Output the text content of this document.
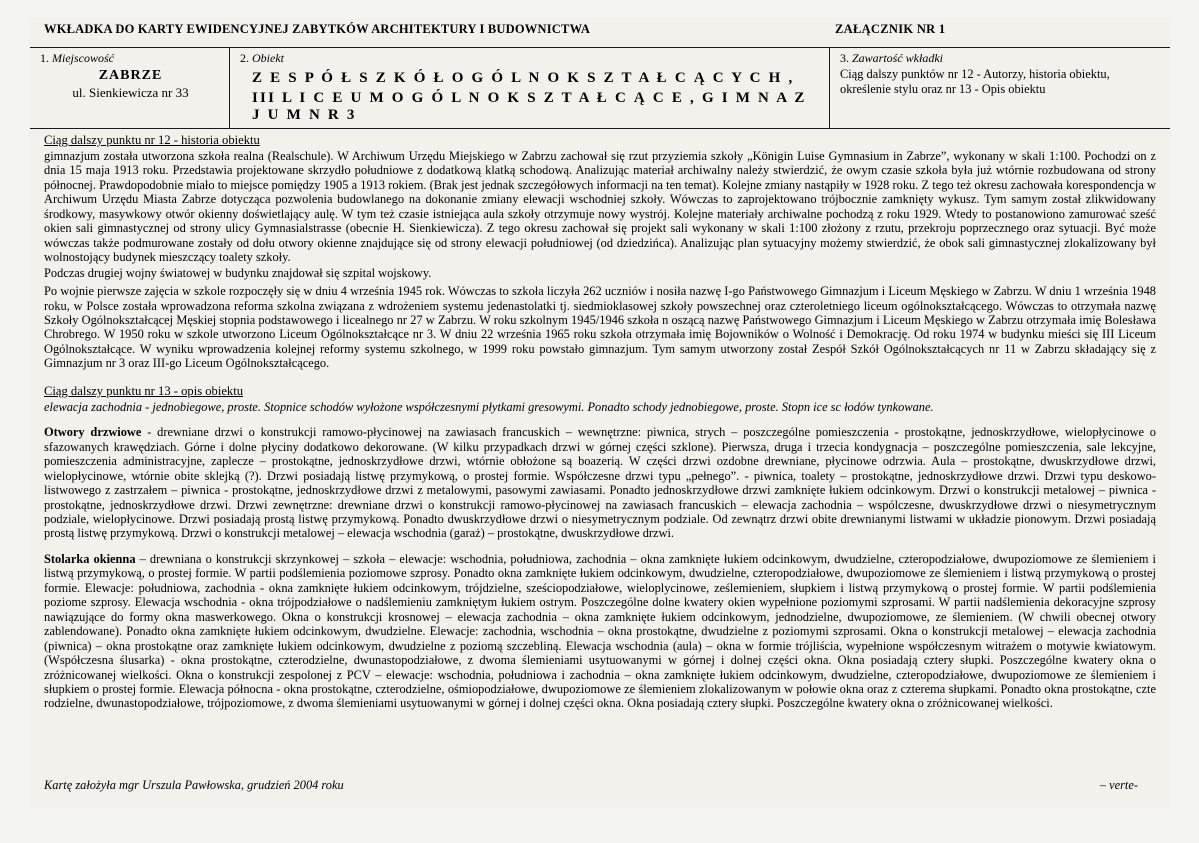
WKŁADKA DO KARTY EWIDENCYJNEJ ZABYTKÓW ARCHITEKTURY I BUDOWNICTWA	ZAŁĄCZNIK NR 1
1. Miejscowość
ZABRZE
ul. Sienkiewicza nr 33
2. Obiekt
Z E S P Ó Ł S Z K Ó Ł O G Ó L N O K S Z T A Ł C Ą C Y C H ,
III L I C E U M O G Ó L N O K S Z T A Ł C Ą C E , G I M N A Z J U M N R 3
3. Zawartość wkładki
Ciąg dalszy punktów nr 12 - Autorzy, historia obiektu, określenie stylu oraz nr 13 - Opis obiektu
Ciąg dalszy punktu nr 12 - historia obiektu

gimnazjum została utworzona szkoła realna (Realschule). W Archiwum Urzędu Miejskiego w Zabrzu zachował się rzut przyziemia szkoły „Königin Luise Gymnasium in Zabrze”, wykonany w skali 1:100. Pochodzi on z dnia 15 maja 1913 roku. Przedstawia projektowane skrzydło południowe z dodatkową klatką schodową. Analizując materiał archiwalny należy stwierdzić, że owym czasie szkoła była już wtórnie rozbudowana od strony północnej. Prawdopodobnie miało to miejsce pomiędzy 1905 a 1913 rokiem. (Brak jest jednak szczegółowych informacji na ten temat). Kolejne zmiany nastąpiły w 1928 roku. Z tego też okresu zachowała korespondencja w Archiwum Urzędu Miasta Zabrze dotycząca pozwolenia budowlanego na dokonanie zmiany elewacji wschodniej szkoły. Wówczas to zaprojektowano trójbocznie zamknięty wykusz. Tym samym został zlikwidowany środkowy, masywkowy otwór okienny doświetlający aulę. W tym też czasie istniejąca aula szkoły otrzymuje nowy wystrój. Kolejne materiały archiwalne pochodzą z roku 1929. Wtedy to postanowiono zamurować sześć okien sali gimnastycznej od strony ulicy Gymnasialstrasse (obecnie H. Sienkiewicza). Z tego okresu zachował się projekt sali wykonany w skali 1:100 złożony z rzutu, przekroju poprzecznego oraz sytuacji. Być może wówczas także podmurowane zostały od dołu otwory okienne znajdujące się od strony elewacji południowej (od dziedzińca). Analizując plan sytuacyjny możemy stwierdzić, że obok sali gimnastycznej zlokalizowany był wolnostojący budynek mieszczący toalety szkoły.

Podczas drugiej wojny światowej w budynku znajdował się szpital wojskowy.

Po wojnie pierwsze zajęcia w szkole rozpoczęły się w dniu 4 września 1945 rok. Wówczas to szkoła liczyła 262 uczniów i nosiła nazwę I-go Państwowego Gimnazjum i Liceum Męskiego w Zabrzu. W dniu 1 września 1948 roku, w Polsce została wprowadzona reforma szkolna związana z wdrożeniem systemu jedenastolatki tj. siedmioklasowej szkoły powszechnej oraz czteroletniego liceum ogólnokształcącego. Wówczas to otrzymała nazwę Szkoły Ogólnokształcącej Męskiej stopnia podstawowego i licealnego nr 27 w Zabrzu. W roku szkolnym 1945/1946 szkoła n oszącą nazwę Państwowego Gimnazjum i Liceum Męskiego w Zabrzu otrzymała imię Bolesława Chrobrego. W 1950 roku w szkole utworzono Liceum Ogólnokształcące nr 3. W dniu 22 września 1965 roku szkoła otrzymała imię Bojowników o Wolność i Demokrację. Od roku 1974 w budynku mieści się III Liceum Ogólnokształcące. W wyniku wprowadzenia kolejnej reformy systemu szkolnego, w 1999 roku powstało gimnazjum. Tym samym utworzony został Zespół Szkół Ogólnokształcących nr 11 w Zabrzu składający się z Gimnazjum nr 3 oraz III-go Liceum Ogólnokształcącego.

Ciąg dalszy punktu nr 13 - opis obiektu

elewacja zachodnia - jednobiegowe, proste. Stopnice schodów wyłożone współczesnymi płytkami gresowymi. Ponadto schody jednobiegowe, proste. Stopn ice sc łodów tynkowane.

Otwory drzwiowe - drewniane drzwi o konstrukcji ramowo-płycinowej na zawiasach francuskich – wewnętrzne: piwnica, strych – poszczególne pomieszczenia - prostokątne, jednoskrzydłowe, wielopłycinowe o sfazowanych krawędziach. Górne i dolne płyciny dodatkowo dekorowane. (W kilku przypadkach drzwi w górnej części szklone). Pierwsza, druga i trzecia kondygnacja – poszczególne pomieszczenia, sale lekcyjne, pomieszczenia administracyjne, zaplecze – prostokątne, jednoskrzydłowe drzwi, wtórnie obłożone są boazerią. W części drzwi ozdobne drewniane, płycinowe odrzwia. Aula – prostokątne, dwuskrzydłowe drzwi, wielopłycinowe, wtórnie obite sklejką (?). Drzwi posiadają listwę przymykową, o prostej formie. Współczesne drzwi typu „pełnego”. - piwnica, toalety – prostokątne, jednoskrzydłowe drzwi. Drzwi typu deskowo-listwowego z zastrzałem – piwnica - prostokątne, jednoskrzydłowe drzwi z metalowymi, pasowymi zawiasami. Ponadto jednoskrzydłowe drzwi zamknięte łukiem odcinkowym. Drzwi o konstrukcji metalowej – piwnica - prostokątne, jednoskrzydłowe drzwi. Drzwi zewnętrzne: drewniane drzwi o konstrukcji ramowo-płycinowej na zawiasach francuskich – elewacja zachodnia – wspólczesne, dwuskrzydłowe drzwi o niesymetrycznym podziale, wielopłycinowe. Drzwi posiadają prostą listwę przymykową. Ponadto dwuskrzydłowe drzwi o niesymetrycznym podziale. Od zewnątrz drzwi obite drewnianymi listwami w układzie pionowym. Drzwi posiadają prostą listwę przymykową. Drzwi o konstrukcji metalowej – elewacja wschodnia (garaż) – prostokątne, dwuskrzydłowe drzwi.

Stolarka okienna – drewniana o konstrukcji skrzynkowej – szkoła – elewacje: wschodnia, południowa, zachodnia – okna zamknięte łukiem odcinkowym, dwudzielne, czteropodziałowe, dwupoziomowe ze ślemieniem i listwą przymykową, o prostej formie. W partii podślemienia poziomowe szprosy. Ponadto okna zamknięte łukiem odcinkowym, dwudzielne, czteropodziałowe, dwupoziomowe ze ślemieniem i listwą przymykową o prostej formie. Elewacje: południowa, zachodnia - okna zamknięte łukiem odcinkowym, trójdzielne, sześciopodziałowe, wieloplycinowe, ześlemieniem, słupkiem i listwą przymykową o prostej formie. W partii podślemienia poziome szprosy. Elewacja wschodnia - okna trójpodziałowe o nadślemieniu zamkniętym łukiem ostrym. Poszczególne dolne kwatery okien wypełnione poziomymi szprosami. W partii nadślemienia dekoracyjne szprosy nawiązujące do formy okna maswerkowego. Okna o konstrukcji krosnowej – elewacja zachodnia – okna zamknięte łukiem odcinkowym, jednodzielne, dwupoziomowe, ze ślemieniem. (W chwili obecnej otwory zablendowane). Ponadto okna zamknięte łukiem odcinkowym, dwudzielne. Elewacje: zachodnia, wschodnia – okna prostokątne, dwudzielne z poziomymi szprosami. Okna o konstrukcji metalowej – elewacja zachodnia (piwnica) – okna prostokątne oraz zamknięte łukiem odcinkowym, dwudzielne z poziomą szczebliną. Elewacja wschodnia (aula) – okna w formie trójliścia, wypełnione współczesnym witrażem o motywie kwiatowym. (Współczesna ślusarka) - okna prostokątne, czterodzielne, dwunastopodziałowe, z dwoma ślemieniami usytuowanymi w górnej i dolnej części okna. Okna posiadają cztery słupki. Poszczególne kwatery okna o zróżnicowanej wielkości. Okna o konstrukcji zespolonej z PCV – elewacje: wschodnia, południowa i zachodnia – okna zamknięte łukiem odcinkowym, dwudzielne, czteropodziałowe, dwupoziomowe ze ślemieniem i słupkiem o prostej formie. Elewacja północna - okna prostokątne, czterodzielne, ośmiopodziałowe, dwupoziomowe ze ślemieniem zlokalizowanym w połowie okna oraz z czterema słupkami. Ponadto okna prostokątne, czte rodzielne, dwunastopodziałowe, trójpoziomowe, z dwoma ślemieniami usytuowanymi w górnej i dolnej części okna. Okna posiadają cztery słupki. Poszczególne kwatery okna o zróżnicowanej wielkości.

Kartę założyła mgr Urszula Pawłowska, grudzień 2004 roku	– verte-
